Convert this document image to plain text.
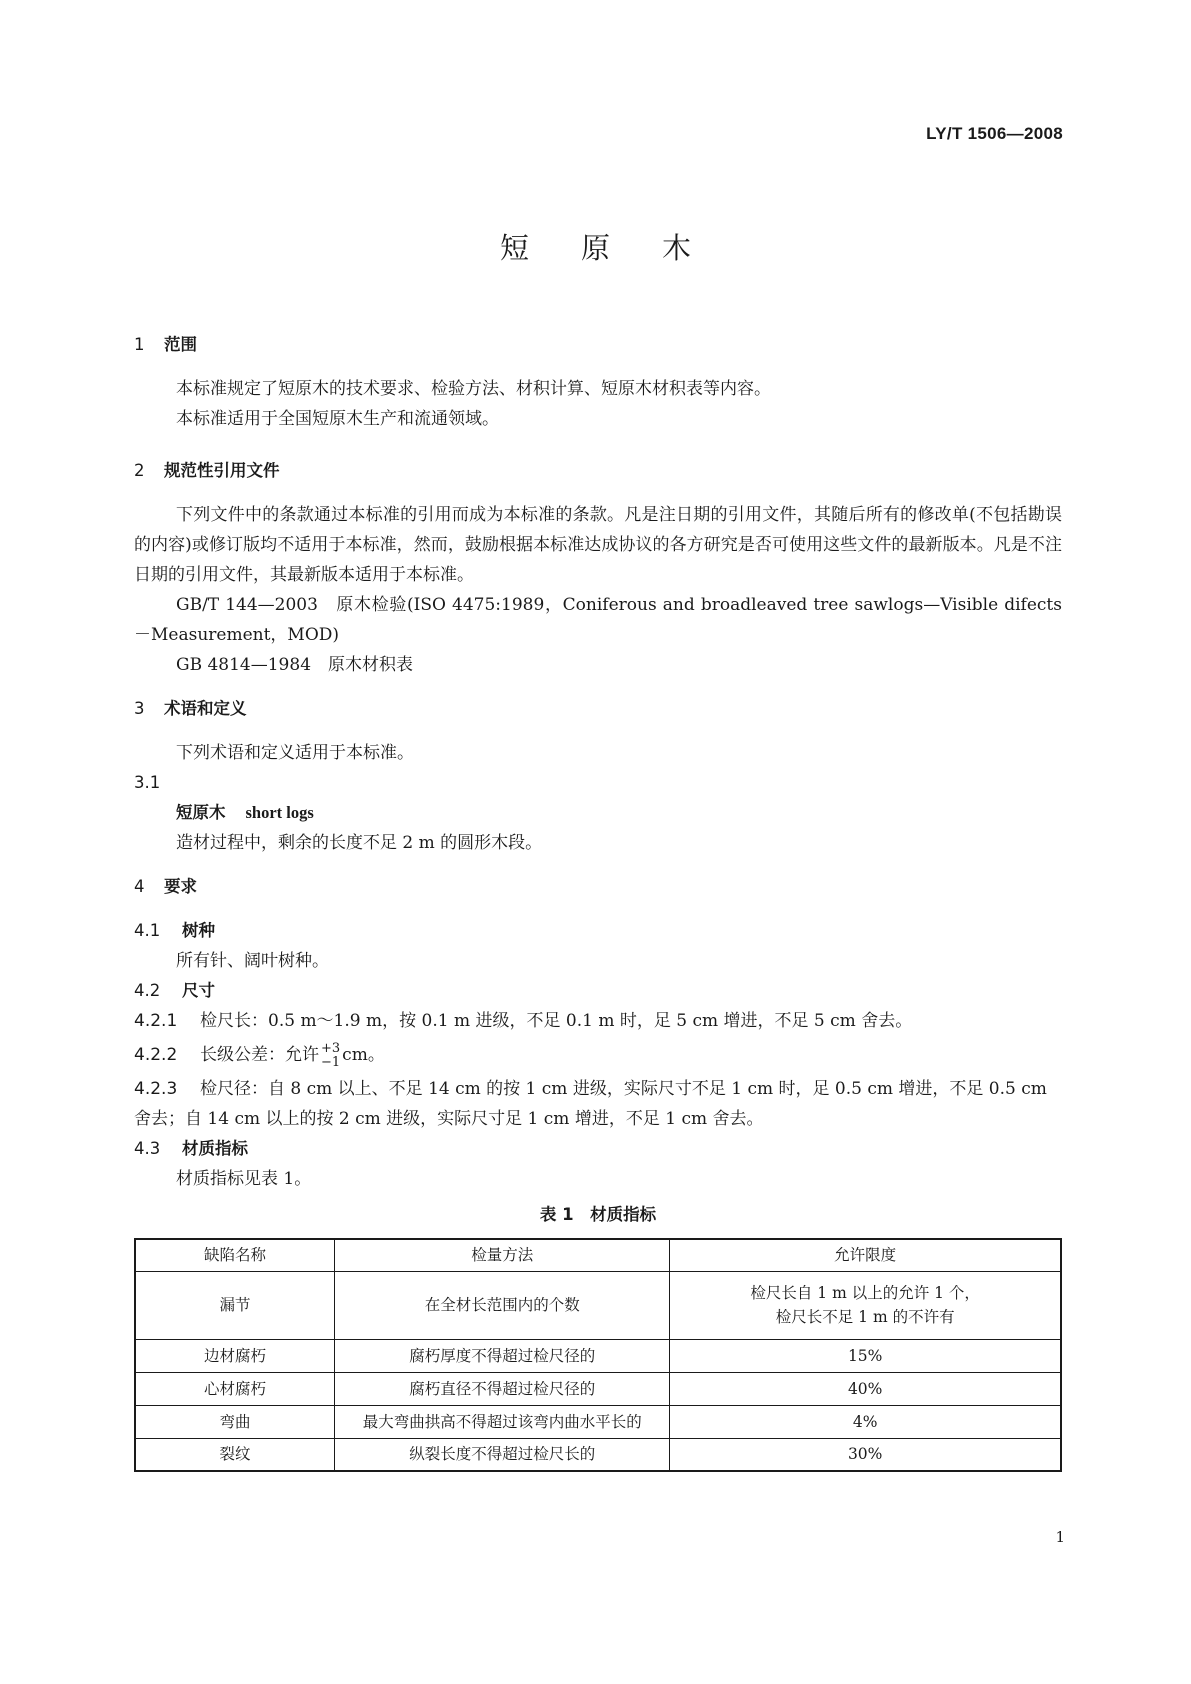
LY/T 1506—2008
短原木

1 范围

本标准规定了短原木的技术要求、检验方法、材积计算、短原木材积表等内容。

本标准适用于全国短原木生产和流通领域。

2 规范性引用文件

下列文件中的条款通过本标准的引用而成为本标准的条款。凡是注日期的引用文件，其随后所有的修改单(不包括勘误的内容)或修订版均不适用于本标准，然而，鼓励根据本标准达成协议的各方研究是否可使用这些文件的最新版本。凡是不注日期的引用文件，其最新版本适用于本标准。

GB/T 144—2003　原木检验(ISO 4475:1989，Coniferous and broadleaved tree sawlogs—Visible difects－Measurement，MOD)

GB 4814—1984　原木材积表

3 术语和定义

下列术语和定义适用于本标准。

3.1

短原木 short logs

造材过程中，剩余的长度不足 2 m 的圆形木段。

4 要求

4.1 树种

所有针、阔叶树种。

4.2 尺寸

4.2.1 检尺长：0.5 m～1.9 m，按 0.1 m 进级，不足 0.1 m 时，足 5 cm 增进，不足 5 cm 舍去。

4.2.2 长级公差：允许 +3
−1 cm。

4.2.3 检尺径：自 8 cm 以上、不足 14 cm 的按 1 cm 进级，实际尺寸不足 1 cm 时，足 0.5 cm 增进，不足 0.5 cm 舍去；自 14 cm 以上的按 2 cm 进级，实际尺寸足 1 cm 增进，不足 1 cm 舍去。

4.3 材质指标

材质指标见表 1。

表 1　材质指标

缺陷名称	检量方法	允许限度
漏节	在全材长范围内的个数	检尺长自 1 m 以上的允许 1 个，
检尺长不足 1 m 的不许有

边材腐朽	腐朽厚度不得超过检尺径的	15%
心材腐朽	腐朽直径不得超过检尺径的	40%
弯曲	最大弯曲拱高不得超过该弯内曲水平长的	4%
裂纹	纵裂长度不得超过检尺长的	30%
1
